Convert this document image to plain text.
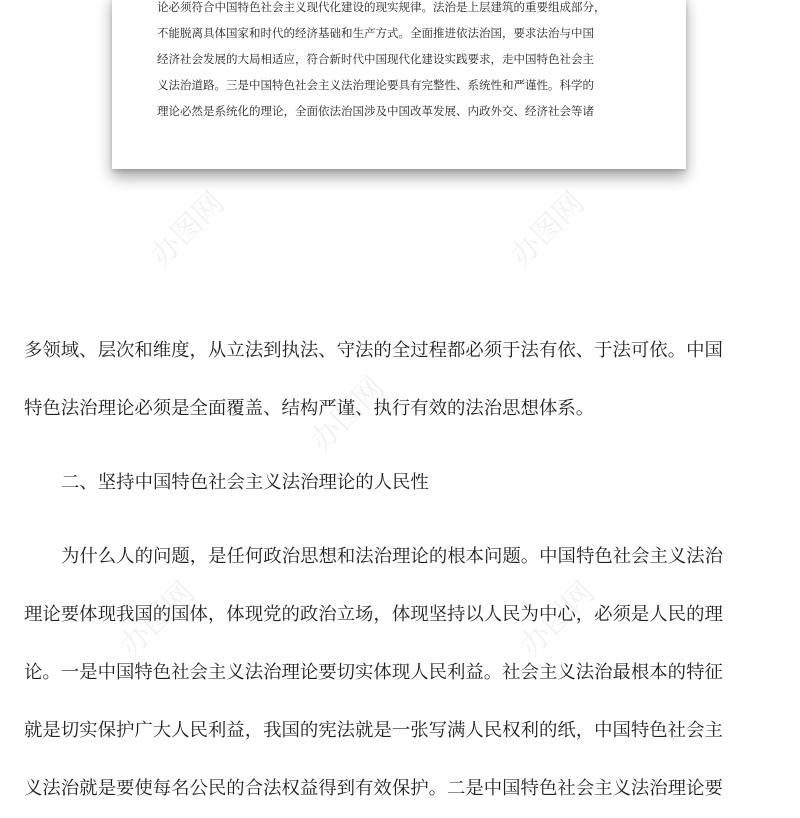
论必须符合中国特色社会主义现代化建设的现实规律。法治是上层建筑的重要组成部分，
不能脱离具体国家和时代的经济基础和生产方式。全面推进依法治国，要求法治与中国
经济社会发展的大局相适应，符合新时代中国现代化建设实践要求，走中国特色社会主
义法治道路。三是中国特色社会主义法治理论要具有完整性、系统性和严谨性。科学的
理论必然是系统化的理论，全面依法治国涉及中国改革发展、内政外交、经济社会等诸
多领域、层次和维度，从立法到执法、守法的全过程都必须于法有依、于法可依。中国
特色法治理论必须是全面覆盖、结构严谨、执行有效的法治思想体系。
二、坚持中国特色社会主义法治理论的人民性
为什么人的问题，是任何政治思想和法治理论的根本问题。中国特色社会主义法治
理论要体现我国的国体，体现党的政治立场，体现坚持以人民为中心，必须是人民的理
论。一是中国特色社会主义法治理论要切实体现人民利益。社会主义法治最根本的特征
就是切实保护广大人民利益，我国的宪法就是一张写满人民权利的纸，中国特色社会主
义法治就是要使每名公民的合法权益得到有效保护。二是中国特色社会主义法治理论要
办图网	办图网
办图网
办图网	办图网
